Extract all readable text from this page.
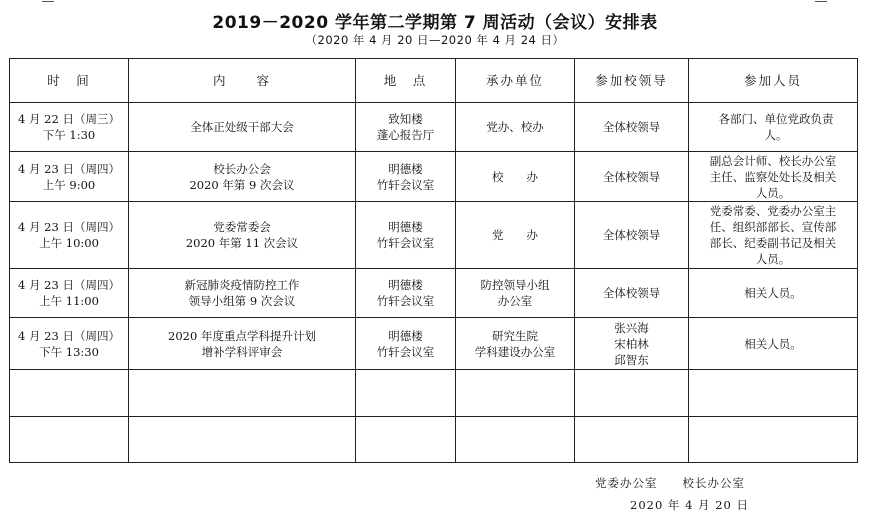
2019－2020 学年第二学期第 7 周活动（会议）安排表
（2020 年 4 月 20 日—2020 年 4 月 24 日）
时　间	内　　容	地　点	承办单位	参加校领导	参加人员

4 月 22 日（周三）
下午 1:30	全体正处级干部大会	致知楼
蓬心报告厅	党办、校办	全体校领导	各部门、单位党政负责
人。

4 月 23 日（周四）
上午 9:00	校长办公会
2020 年第 9 次会议	明德楼
竹轩会议室	校　　办	全体校领导	副总会计师、校长办公室
主任、监察处处长及相关
人员。

4 月 23 日（周四）
上午 10:00	党委常委会
2020 年第 11 次会议	明德楼
竹轩会议室	党　　办	全体校领导	党委常委、党委办公室主
任、组织部部长、宣传部
部长、纪委副书记及相关
人员。

4 月 23 日（周四）
上午 11:00	新冠肺炎疫情防控工作
领导小组第 9 次会议	明德楼
竹轩会议室	防控领导小组
办公室	全体校领导	相关人员。

4 月 23 日（周四）
下午 13:30	2020 年度重点学科提升计划
增补学科评审会	明德楼
竹轩会议室	研究生院
学科建设办公室	张兴海
宋柏林
邱智东	相关人员。

党委办公室　　校长办公室
2020 年 4 月 20 日
